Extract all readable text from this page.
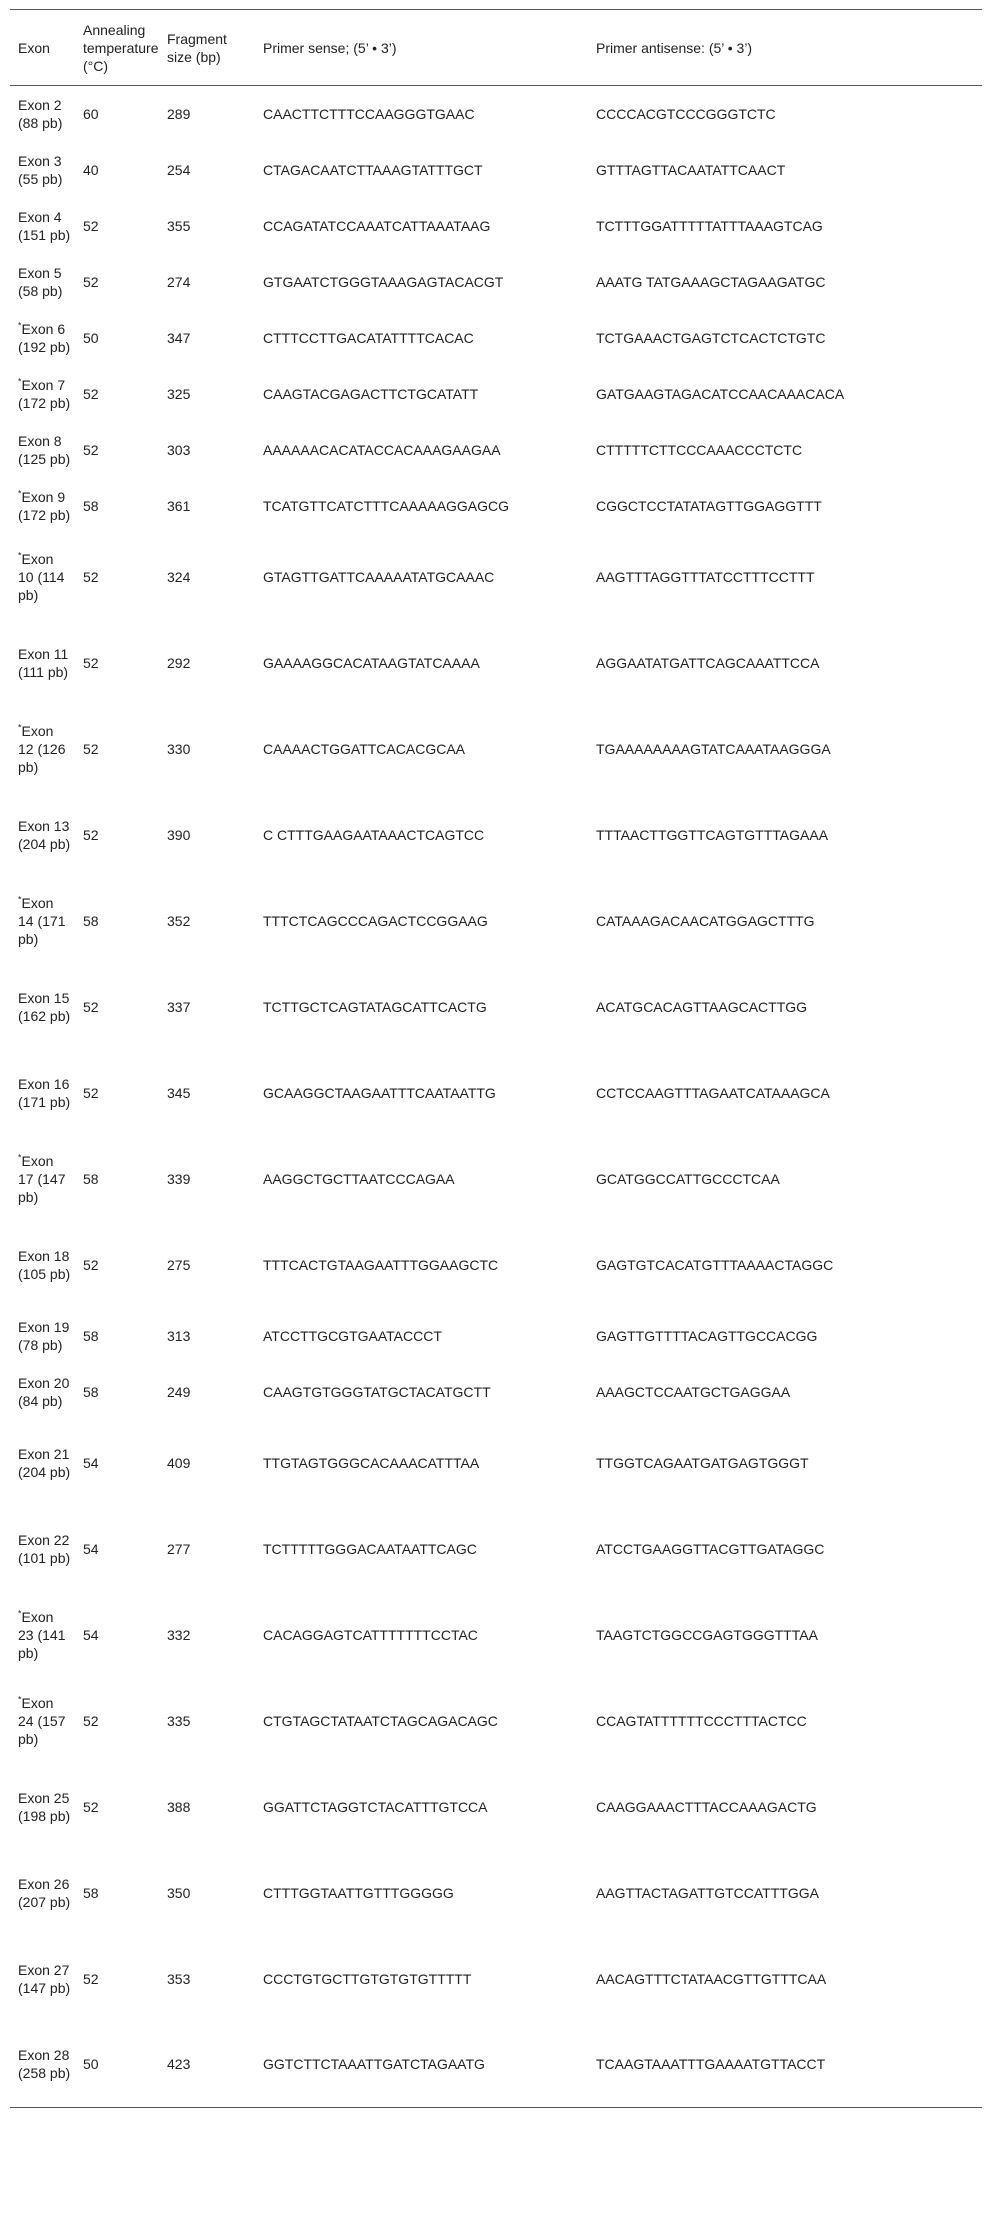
Exon	Annealing temperature (°C)	Fragment size (bp)	Primer sense; (5’ • 3’)	Primer antisense: (5’ • 3’)
Exon 2 (88 pb)	60	289	CAACTTCTTTCCAAGGGTGAAC	CCCCACGTCCCGGGTCTC
Exon 3 (55 pb)	40	254	CTAGACAATCTTAAAGTATTTGCT	GTTTAGTTACAATATTCAACT
Exon 4 (151 pb)	52	355	CCAGATATCCAAATCATTAAATAAG	TCTTTGGATTTTTATTTAAAGTCAG
Exon 5 (58 pb)	52	274	GTGAATCTGGGTAAAGAGTACACGT	AAATG TATGAAAGCTAGAAGATGC
*Exon 6 (192 pb)	50	347	CTTTCCTTGACATATTTTCACAC	TCTGAAACTGAGTCTCACTCTGTC
*Exon 7 (172 pb)	52	325	CAAGTACGAGACTTCTGCATATT	GATGAAGTAGACATCCAACAAACACA
Exon 8 (125 pb)	52	303	AAAAAACACATACCACAAAGAAGAA	CTTTTTCTTCCCAAACCCTCTC
*Exon 9 (172 pb)	58	361	TCATGTTCATCTTTCAAAAAGGAGCG	CGGCTCCTATATAGTTGGAGGTTT
*Exon 10 (114 pb)	52	324	GTAGTTGATTCAAAAATATGCAAAC	AAGTTTAGGTTTATCCTTTCCTTT
Exon 11 (111 pb)	52	292	GAAAAGGCACATAAGTATCAAAA	AGGAATATGATTCAGCAAATTCCA
*Exon 12 (126 pb)	52	330	CAAAACTGGATTCACACGCAA	TGAAAAAAAAGTATCAAATAAGGGA
Exon 13 (204 pb)	52	390	C CTTTGAAGAATAAACTCAGTCC	TTTAACTTGGTTCAGTGTTTAGAAA
*Exon 14 (171 pb)	58	352	TTTCTCAGCCCAGACTCCGGAAG	CATAAAGACAACATGGAGCTTTG
Exon 15 (162 pb)	52	337	TCTTGCTCAGTATAGCATTCACTG	ACATGCACAGTTAAGCACTTGG
Exon 16 (171 pb)	52	345	GCAAGGCTAAGAATTTCAATAATTG	CCTCCAAGTTTAGAATCATAAAGCA
*Exon 17 (147 pb)	58	339	AAGGCTGCTTAATCCCAGAA	GCATGGCCATTGCCCTCAA
Exon 18 (105 pb)	52	275	TTTCACTGTAAGAATTTGGAAGCTC	GAGTGTCACATGTTTAAAACTAGGC
Exon 19 (78 pb)	58	313	ATCCTTGCGTGAATACCCT	GAGTTGTTTTACAGTTGCCACGG
Exon 20 (84 pb)	58	249	CAAGTGTGGGTATGCTACATGCTT	AAAGCTCCAATGCTGAGGAA
Exon 21 (204 pb)	54	409	TTGTAGTGGGCACAAACATTTAA	TTGGTCAGAATGATGAGTGGGT
Exon 22 (101 pb)	54	277	TCTTTTTGGGACAATAATTCAGC	ATCCTGAAGGTTACGTTGATAGGC
*Exon 23 (141 pb)	54	332	CACAGGAGTCATTTTTTTCCTAC	TAAGTCTGGCCGAGTGGGTTTAA
*Exon 24 (157 pb)	52	335	CTGTAGCTATAATCTAGCAGACAGC	CCAGTATTTTTTCCCTTTACTCC
Exon 25 (198 pb)	52	388	GGATTCTAGGTCTACATTTGTCCA	CAAGGAAACTTTACCAAAGACTG
Exon 26 (207 pb)	58	350	CTTTGGTAATTGTTTGGGGG	AAGTTACTAGATTGTCCATTTGGA
Exon 27 (147 pb)	52	353	CCCTGTGCTTGTGTGTGTTTTT	AACAGTTTCTATAACGTTGTTTCAA
Exon 28 (258 pb)	50	423	GGTCTTCTAAATTGATCTAGAATG	TCAAGTAAATTTGAAAATGTTACCT
